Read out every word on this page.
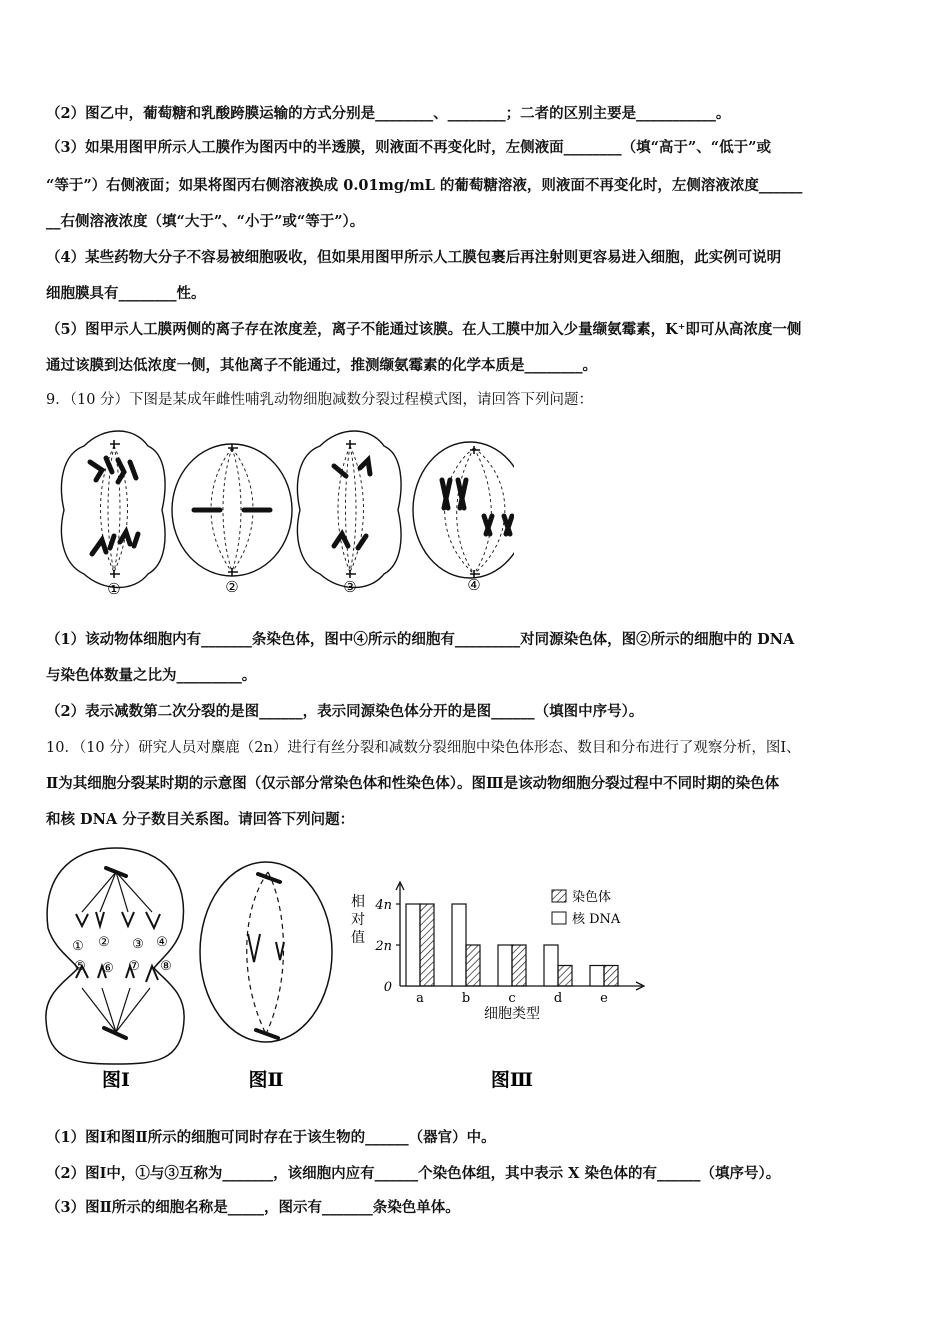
（2）图乙中，葡萄糖和乳酸跨膜运输的方式分别是________、________；二者的区别主要是___________。
（3）如果用图甲所示人工膜作为图丙中的半透膜，则液面不再变化时，左侧液面________（填“高于”、“低于”或
“等于”）右侧液面；如果将图丙右侧溶液换成 0.01mg/mL 的葡萄糖溶液，则液面不再变化时，左侧溶液浓度______
__右侧溶液浓度（填“大于”、“小于”或“等于”）。
（4）某些药物大分子不容易被细胞吸收，但如果用图甲所示人工膜包裹后再注射则更容易进入细胞，此实例可说明
细胞膜具有________性。
（5）图甲示人工膜两侧的离子存在浓度差，离子不能通过该膜。在人工膜中加入少量缬氨霉素，K⁺即可从高浓度一侧
通过该膜到达低浓度一侧，其他离子不能通过，推测缬氨霉素的化学本质是________。
9．（10 分）下图是某成年雌性哺乳动物细胞减数分裂过程模式图，请回答下列问题：
①	②	③	④
（1）该动物体细胞内有_______条染色体，图中④所示的细胞有_________对同源染色体，图②所示的细胞中的 DNA
与染色体数量之比为_________。
（2）表示减数第二次分裂的是图______，表示同源染色体分开的是图______（填图中序号）。
10．（10 分）研究人员对麋鹿（2n）进行有丝分裂和减数分裂细胞中染色体形态、数目和分布进行了观察分析，图Ⅰ、
Ⅱ为其细胞分裂某时期的示意图（仅示部分常染色体和性染色体）。图Ⅲ是该动物细胞分裂过程中不同时期的染色体
和核 DNA 分子数目关系图。请回答下列问题：
① ② ③ ④
⑤ ⑥ ⑦ ⑧
图Ⅰ	图Ⅱ
相
对
值
0
2n
4n
a	b	c	d	e
染色体
核 DNA
细胞类型
图Ⅲ
（1）图Ⅰ和图Ⅱ所示的细胞可同时存在于该生物的______（器官）中。
（2）图Ⅰ中，①与③互称为_______，该细胞内应有______个染色体组，其中表示 X 染色体的有______（填序号）。
（3）图Ⅱ所示的细胞名称是_____，图示有_______条染色单体。
